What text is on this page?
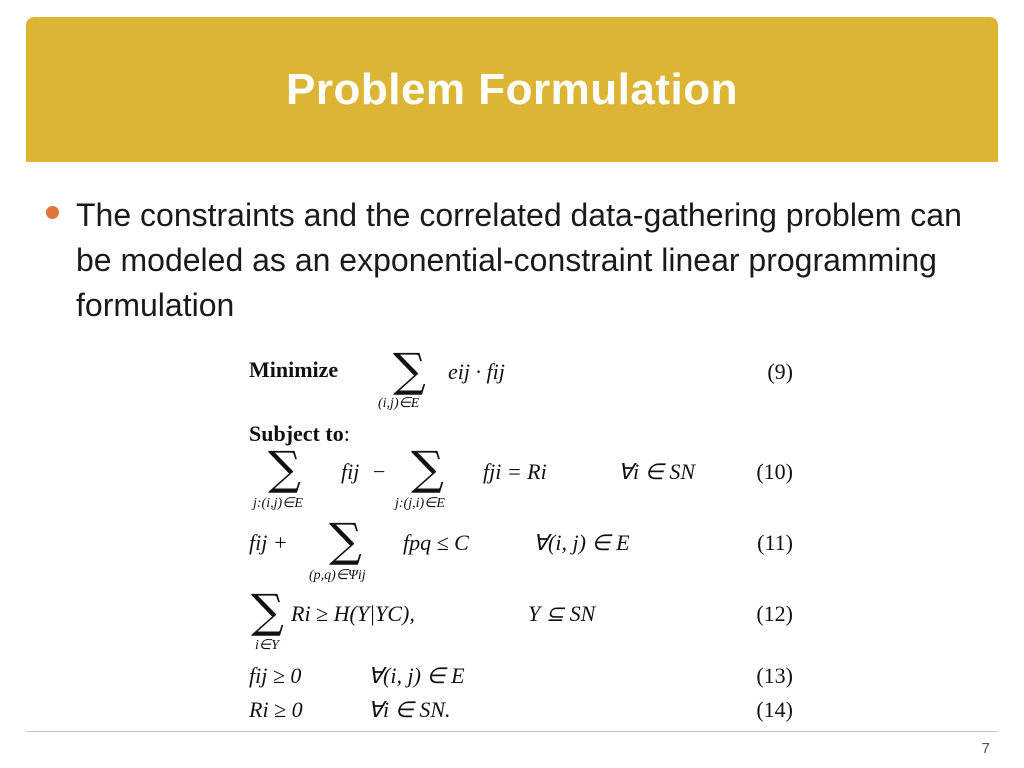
Problem Formulation
The constraints and the correlated data-gathering problem can be modeled as an exponential-constraint linear programming formulation
Minimize ∑
(i,j)∈E
eij · fij	(9)
Subject to:
∑
j:(i,j)∈E
fij − ∑
j:(j,i)∈E
fji = Ri	∀i ∈ SN	(10)
fij + ∑
(p,q)∈Ψij
fpq ≤ C	∀(i, j) ∈ E	(11)
∑
i∈Y
Ri ≥ H(Y|YC),	Y ⊆ SN	(12)
fij ≥ 0	∀(i, j) ∈ E	(13)
Ri ≥ 0	∀i ∈ SN.	(14)
7
